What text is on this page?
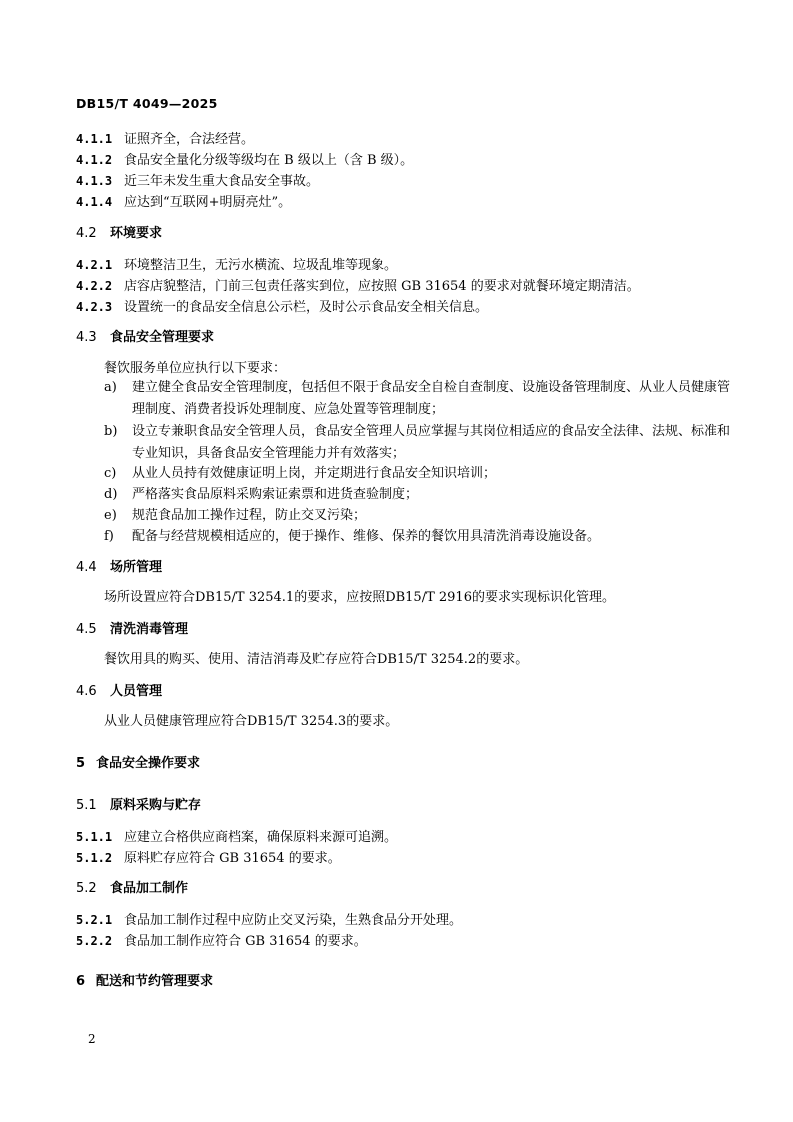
DB15/T 4049—2025
4.1.1 证照齐全，合法经营。
4.1.2 食品安全量化分级等级均在 B 级以上（含 B 级）。
4.1.3 近三年未发生重大食品安全事故。
4.1.4 应达到“互联网+明厨亮灶”。
4.2 环境要求
4.2.1 环境整洁卫生，无污水横流、垃圾乱堆等现象。
4.2.2 店容店貌整洁，门前三包责任落实到位，应按照 GB 31654 的要求对就餐环境定期清洁。
4.2.3 设置统一的食品安全信息公示栏，及时公示食品安全相关信息。
4.3 食品安全管理要求
餐饮服务单位应执行以下要求：
a)	建立健全食品安全管理制度，包括但不限于食品安全自检自查制度、设施设备管理制度、从业人员健康管理制度、消费者投诉处理制度、应急处置等管理制度；
b)	设立专兼职食品安全管理人员，食品安全管理人员应掌握与其岗位相适应的食品安全法律、法规、标准和专业知识，具备食品安全管理能力并有效落实；
c)	从业人员持有效健康证明上岗，并定期进行食品安全知识培训；
d)	严格落实食品原料采购索证索票和进货查验制度；
e)	规范食品加工操作过程，防止交叉污染；
f)	配备与经营规模相适应的，便于操作、维修、保养的餐饮用具清洗消毒设施设备。
4.4 场所管理
场所设置应符合DB15/T 3254.1的要求，应按照DB15/T 2916的要求实现标识化管理。
4.5 清洗消毒管理
餐饮用具的购买、使用、清洁消毒及贮存应符合DB15/T 3254.2的要求。
4.6 人员管理
从业人员健康管理应符合DB15/T 3254.3的要求。
5 食品安全操作要求
5.1 原料采购与贮存
5.1.1 应建立合格供应商档案，确保原料来源可追溯。
5.1.2 原料贮存应符合 GB 31654 的要求。
5.2 食品加工制作
5.2.1 食品加工制作过程中应防止交叉污染，生熟食品分开处理。
5.2.2 食品加工制作应符合 GB 31654 的要求。
6 配送和节约管理要求
2
